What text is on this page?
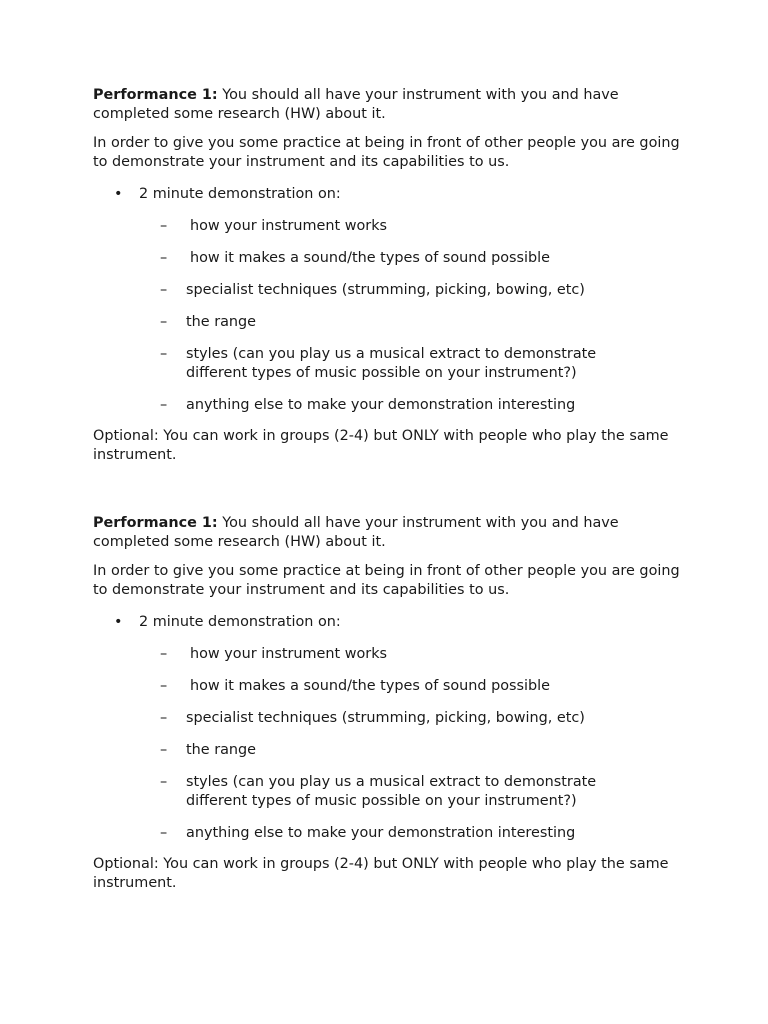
Performance 1: You should all have your instrument with you and have completed some research (HW) about it.

In order to give you some practice at being in front of other people you are going to demonstrate your instrument and its capabilities to us.

• 2 minute demonstration on:
– how your instrument works
– how it makes a sound/the types of sound possible
– specialist techniques (strumming, picking, bowing, etc)
– the range
– styles (can you play us a musical extract to demonstrate different types of music possible on your instrument?)
– anything else to make your demonstration interesting

Optional: You can work in groups (2-4) but ONLY with people who play the same instrument.

Performance 1: You should all have your instrument with you and have completed some research (HW) about it.

In order to give you some practice at being in front of other people you are going to demonstrate your instrument and its capabilities to us.

• 2 minute demonstration on:
– how your instrument works
– how it makes a sound/the types of sound possible
– specialist techniques (strumming, picking, bowing, etc)
– the range
– styles (can you play us a musical extract to demonstrate different types of music possible on your instrument?)
– anything else to make your demonstration interesting

Optional: You can work in groups (2-4) but ONLY with people who play the same instrument.
